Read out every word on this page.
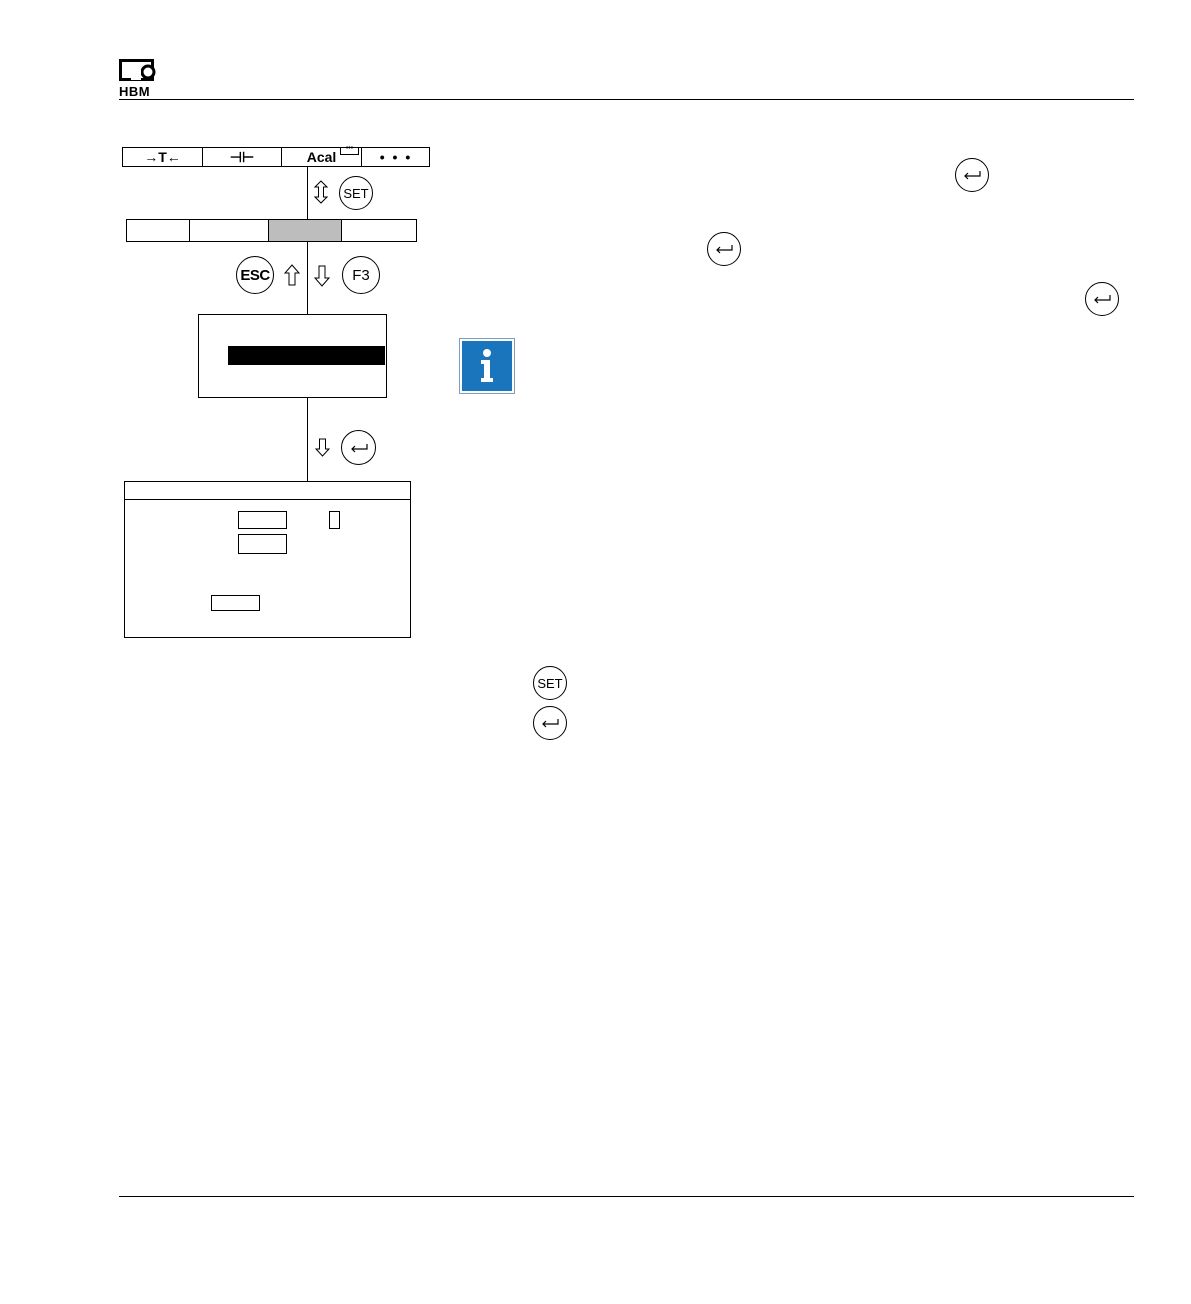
HBM
→T←	⊣⊢	Acal
•••
• • •
SET
ESC	F3
SET
